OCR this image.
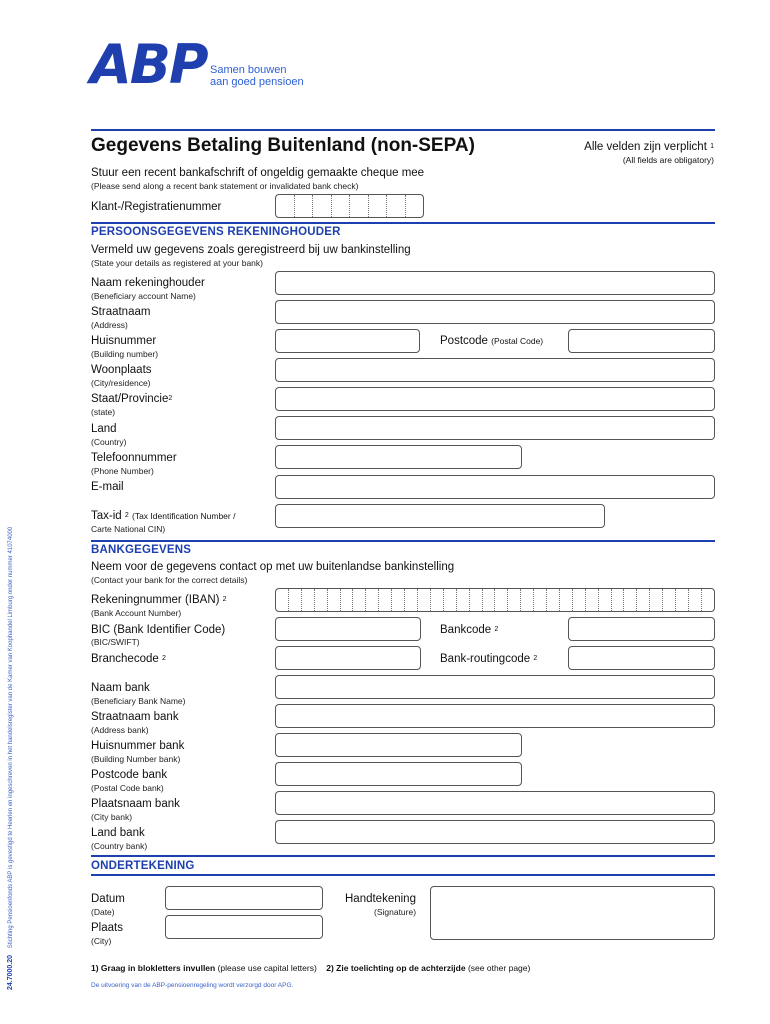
ABP Samen bouwen
aan goed pensioen
24.7000.20    Stichting Pensioenfonds ABP is gevestigd te Heerlen en ingeschreven in het handelsregister van de Kamer van Koophandel Limburg onder nummer 41074000
Gegevens Betaling Buitenland (non-SEPA)	Alle velden zijn verplicht $^1$
(All fields are obligatory)
Stuur een recent bankafschrift of ongeldig gemaakte cheque mee
(Please send along a recent bank statement or invalidated bank check)
Klant-/Registratienummer
PERSOONSGEGEVENS REKENINGHOUDER
Vermeld uw gegevens zoals geregistreerd bij uw bankinstelling
(State your details as registered at your bank)
Naam rekeninghouder
(Beneficiary account Name)
Straatnaam
(Address)
Huisnummer
(Building number)
Postcode (Postal Code)
Woonplaats
(City/residence)
Staat/Provincie$^2$
(state)
Land
(Country)
Telefoonnummer
(Phone Number)
E-mail
Tax-id $^2$ (Tax Identification Number /
Carte National CIN)
BANKGEGEVENS
Neem voor de gegevens contact op met uw buitenlandse bankinstelling
(Contact your bank for the correct details)
Rekeningnummer (IBAN) $^2$
(Bank Account Number)
BIC (Bank Identifier Code)
(BIC/SWIFT)
Bankcode $^2$
Branchecode $^2$	Bank-routingcode $^2$
Naam bank
(Beneficiary Bank Name)
Straatnaam bank
(Address bank)
Huisnummer bank
(Building Number bank)
Postcode bank
(Postal Code bank)
Plaatsnaam bank
(City bank)
Land bank
(Country bank)
ONDERTEKENING
Datum
(Date)
Plaats
(City)
Handtekening
(Signature)
1) Graag in blokletters invullen (please use capital letters) 2) Zie toelichting op de achterzijde (see other page)
De uitvoering van de ABP-pensioenregeling wordt verzorgd door APG.
